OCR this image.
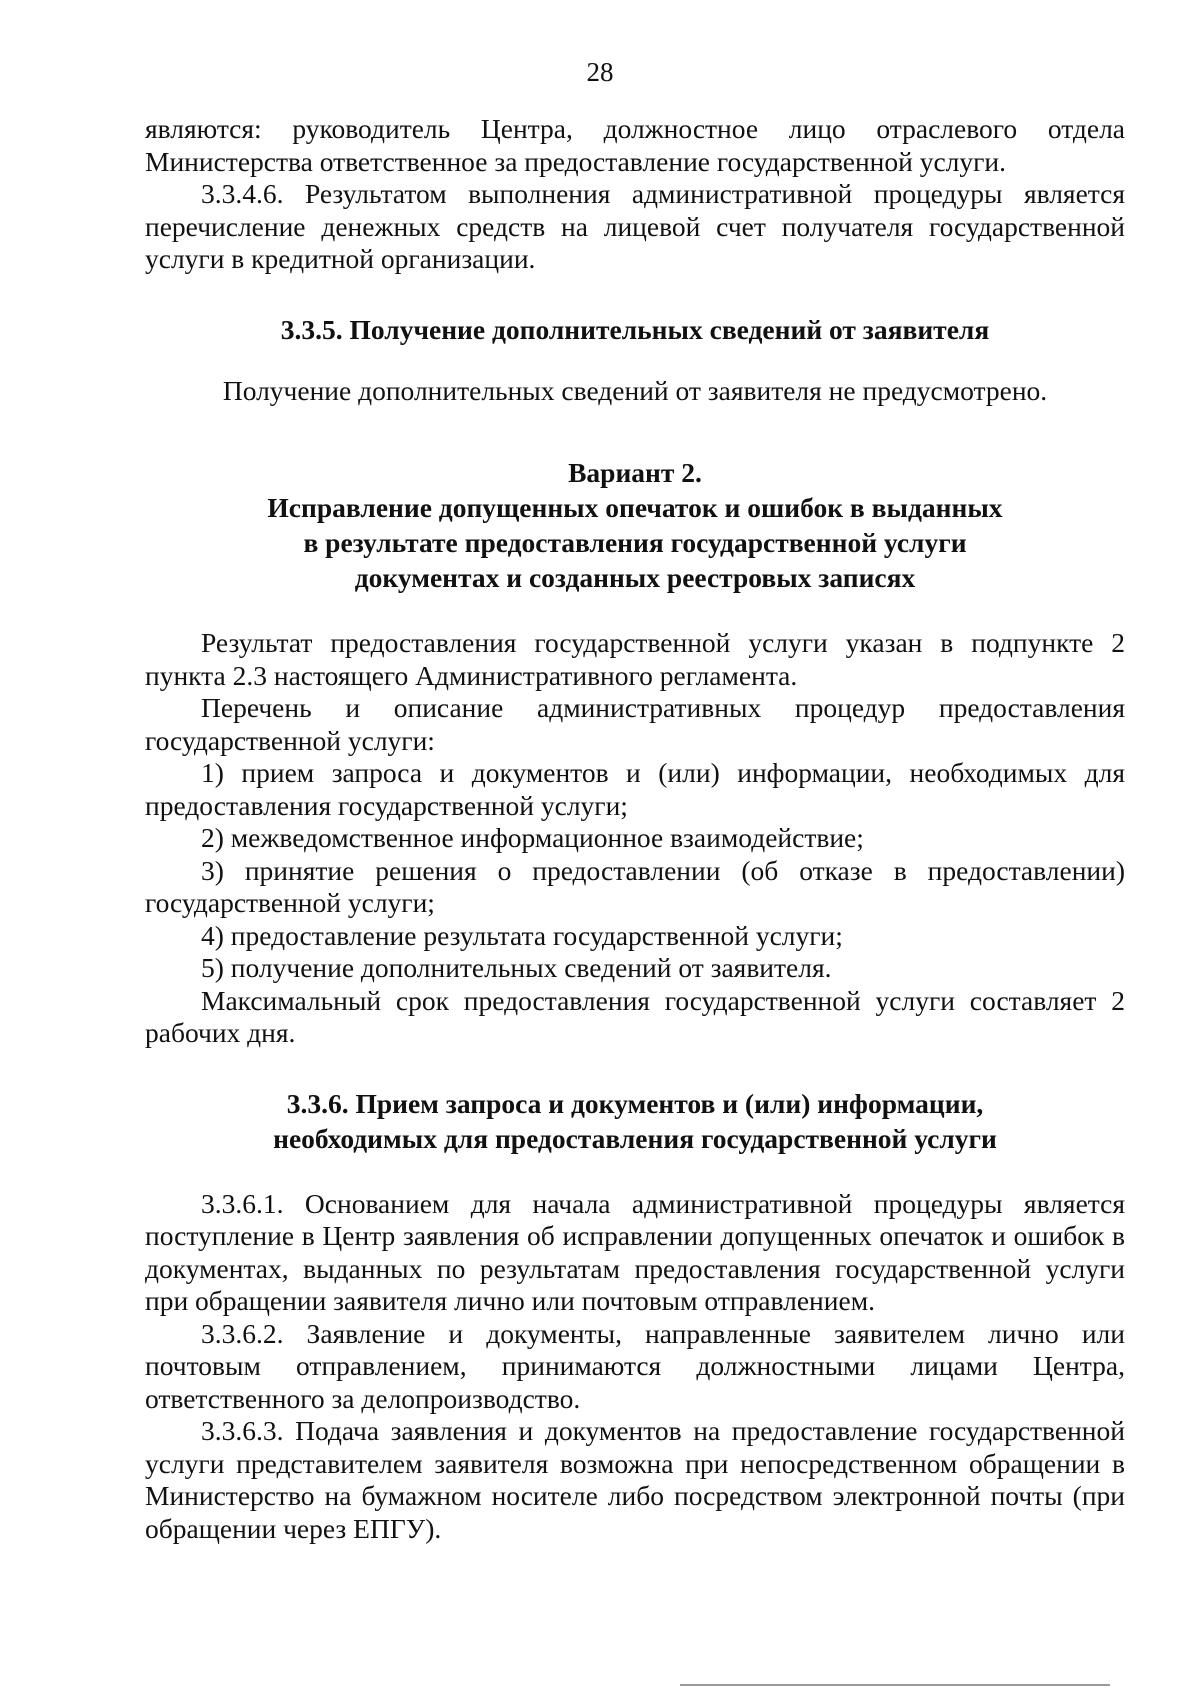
28

являются: руководитель Центра, должностное лицо отраслевого отдела Министерства ответственное за предоставление государственной услуги.

3.3.4.6. Результатом выполнения административной процедуры является перечисление денежных средств на лицевой счет получателя государственной услуги в кредитной организации.

3.3.5. Получение дополнительных сведений от заявителя

Получение дополнительных сведений от заявителя не предусмотрено.

Вариант 2.

Исправление допущенных опечаток и ошибок в выданных

в результате предоставления государственной услуги

документах и созданных реестровых записях

Результат предоставления государственной услуги указан в подпункте 2 пункта 2.3 настоящего Административного регламента.

Перечень и описание административных процедур предоставления государственной услуги:

1) прием запроса и документов и (или) информации, необходимых для предоставления государственной услуги;

2) межведомственное информационное взаимодействие;

3) принятие решения о предоставлении (об отказе в предоставлении) государственной услуги;

4) предоставление результата государственной услуги;

5) получение дополнительных сведений от заявителя.

Максимальный срок предоставления государственной услуги составляет 2 рабочих дня.

3.3.6. Прием запроса и документов и (или) информации,

необходимых для предоставления государственной услуги

3.3.6.1. Основанием для начала административной процедуры является поступление в Центр заявления об исправлении допущенных опечаток и ошибок в документах, выданных по результатам предоставления государственной услуги при обращении заявителя лично или почтовым отправлением.

3.3.6.2. Заявление и документы, направленные заявителем лично или почтовым отправлением, принимаются должностными лицами Центра, ответственного за делопроизводство.

3.3.6.3. Подача заявления и документов на предоставление государственной услуги представителем заявителя возможна при непосредственном обращении в Министерство на бумажном носителе либо посредством электронной почты (при обращении через ЕПГУ).
